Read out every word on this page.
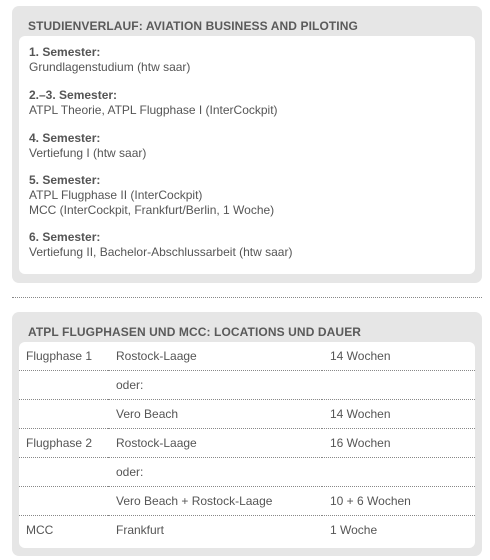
STUDIENVERLAUF: AVIATION BUSINESS AND PILOTING
1. Semester:
Grundlagenstudium (htw saar)
2.–3. Semester:
ATPL Theorie, ATPL Flugphase I (InterCockpit)
4. Semester:
Vertiefung I (htw saar)
5. Semester:
ATPL Flugphase II (InterCockpit)
MCC (InterCockpit, Frankfurt/Berlin, 1 Woche)
6. Semester:
Vertiefung II, Bachelor-Abschlussarbeit (htw saar)
ATPL FLUGPHASEN UND MCC: LOCATIONS UND DAUER
Flugphase 1	Rostock-Laage	14 Wochen
	oder:	
	Vero Beach	14 Wochen
Flugphase 2	Rostock-Laage	16 Wochen
	oder:	
	Vero Beach + Rostock-Laage	10 + 6 Wochen
MCC	Frankfurt	1 Woche
